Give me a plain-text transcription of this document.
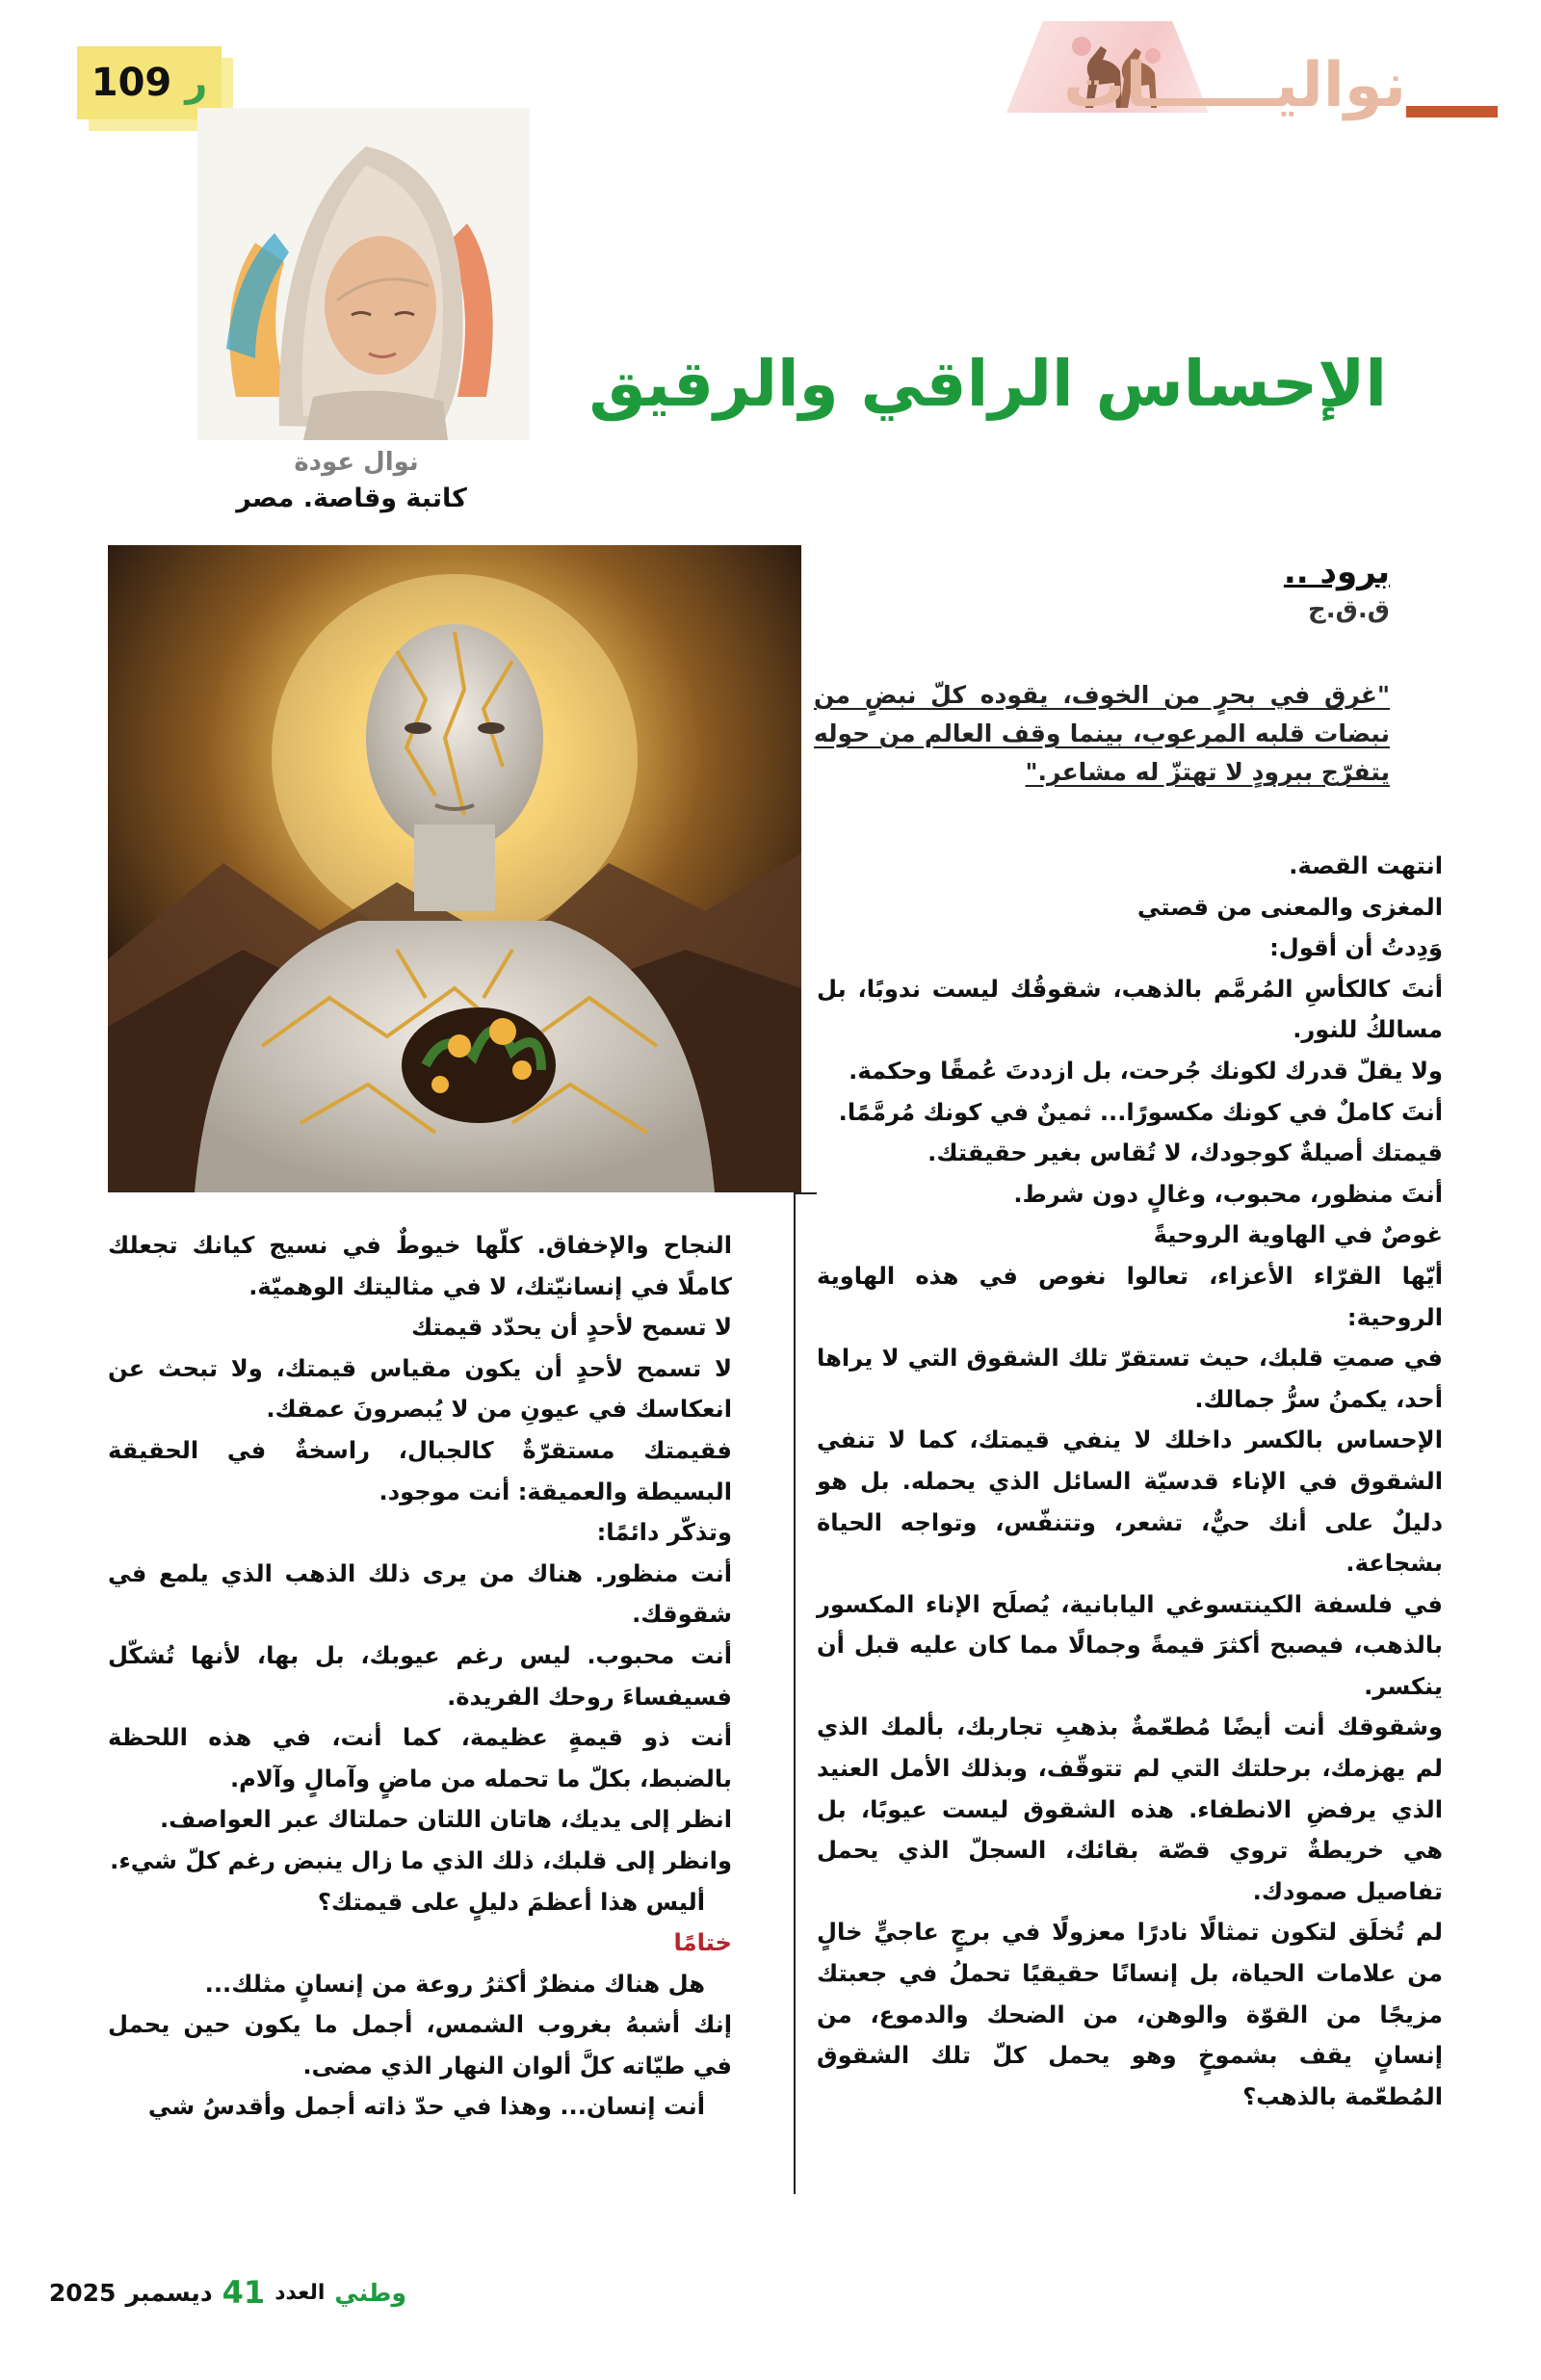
109 ر	نواليــــــات
نوال عودة
كاتبة وقاصة. مصر
الإحساس الراقي والرقيق
برود ..
ق.ق.ج
"غرق في بحرٍ من الخوف، يقوده كلّ نبضٍ من نبضات قلبه المرعوب، بينما وقف العالم من حوله يتفرّج ببرودٍ لا تهتزّ له مشاعر."

انتهت القصة.

المغزى والمعنى من قصتي

وَدِدتُ أن أقول:

أنتَ كالكأسِ المُرمَّم بالذهب، شقوقُك ليست ندوبًا، بل مسالكُ للنور.

ولا يقلّ قدرك لكونك جُرحت، بل ازددتَ عُمقًا وحكمة.

أنتَ كاملٌ في كونك مكسورًا... ثمينٌ في كونك مُرمَّمًا.

قيمتك أصيلةٌ كوجودك، لا تُقاس بغير حقيقتك.

أنتَ منظور، محبوب، وغالٍ دون شرط.

غوصٌ في الهاوية الروحيةً

أيّها القرّاء الأعزاء، تعالوا نغوص في هذه الهاوية الروحية:

في صمتِ قلبك، حيث تستقرّ تلك الشقوق التي لا يراها أحد، يكمنُ سرُّ جمالك.

الإحساس بالكسر داخلك لا ينفي قيمتك، كما لا تنفي الشقوق في الإناء قدسيّة السائل الذي يحمله. بل هو دليلٌ على أنك حيٌّ، تشعر، وتتنفّس، وتواجه الحياة بشجاعة.

في فلسفة الكينتسوغي اليابانية، يُصلَح الإناء المكسور بالذهب، فيصبح أكثرَ قيمةً وجمالًا مما كان عليه قبل أن ينكسر.

وشقوقك أنت أيضًا مُطعّمةٌ بذهبِ تجاربك، بألمك الذي لم يهزمك، برحلتك التي لم تتوقّف، وبذلك الأمل العنيد الذي يرفضِ الانطفاء. هذه الشقوق ليست عيوبًا، بل هي خريطةٌ تروي قصّة بقائك، السجلّ الذي يحمل تفاصيل صمودك.

لم تُخلَق لتكون تمثالًا نادرًا معزولًا في برجٍ عاجيٍّ خالٍ من علامات الحياة، بل إنسانًا حقيقيًا تحملُ في جعبتك مزيجًا من القوّة والوهن، من الضحك والدموع، من إنسانٍ يقف بشموخٍ وهو يحمل كلّ تلك الشقوق المُطعّمة بالذهب؟

النجاح والإخفاق. كلّها خيوطٌ في نسيج كيانك تجعلك كاملًا في إنسانيّتك، لا في مثاليتك الوهميّة.

لا تسمح لأحدٍ أن يحدّد قيمتك

لا تسمح لأحدٍ أن يكون مقياس قيمتك، ولا تبحث عن انعكاسك في عيونِ من لا يُبصرونَ عمقك.

فقيمتك مستقرّةٌ كالجبال، راسخةٌ في الحقيقة البسيطة والعميقة: أنت موجود.

وتذكّر دائمًا:

أنت منظور. هناك من يرى ذلك الذهب الذي يلمع في شقوقك.

أنت محبوب. ليس رغم عيوبك، بل بها، لأنها تُشكّل فسيفساءَ روحك الفريدة.

أنت ذو قيمةٍ عظيمة، كما أنت، في هذه اللحظة بالضبط، بكلّ ما تحمله من ماضٍ وآمالٍ وآلام.

انظر إلى يديك، هاتان اللتان حملتاك عبر العواصف.

وانظر إلى قلبك، ذلك الذي ما زال ينبض رغم كلّ شيء.

أليس هذا أعظمَ دليلٍ على قيمتك؟

ختامًا

هل هناك منظرٌ أكثرُ روعة من إنسانٍ مثلك...

إنك أشبهُ بغروب الشمس، أجمل ما يكون حين يحمل في طيّاته كلَّ ألوان النهار الذي مضى.

أنت إنسان... وهذا في حدّ ذاته أجمل وأقدسُ شي

وطني
العدد
41
ديسمبر
2025
